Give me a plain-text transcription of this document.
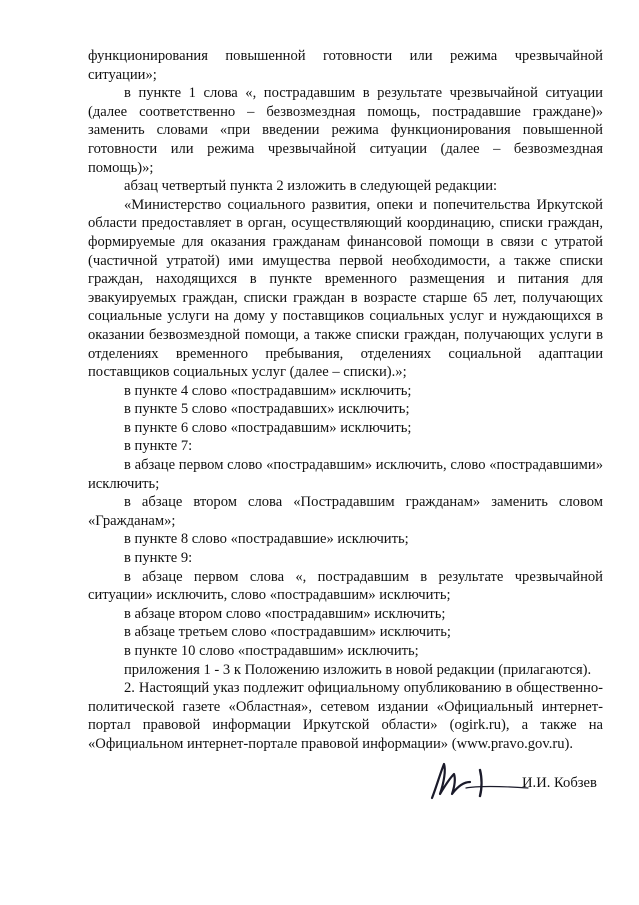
функционирования повышенной готовности или режима чрезвычайной ситуации»;

в пункте 1 слова «, пострадавшим в результате чрезвычайной ситуации (далее соответственно – безвозмездная помощь, пострадавшие граждане)» заменить словами «при введении режима функционирования повышенной готовности или режима чрезвычайной ситуации (далее – безвозмездная помощь)»;

абзац четвертый пункта 2 изложить в следующей редакции:

«Министерство социального развития, опеки и попечительства Иркутской области предоставляет в орган, осуществляющий координацию, списки граждан, формируемые для оказания гражданам финансовой помощи в связи с утратой (частичной утратой) ими имущества первой необходимости, а также списки граждан, находящихся в пункте временного размещения и питания для эвакуируемых граждан, списки граждан в возрасте старше 65 лет, получающих социальные услуги на дому у поставщиков социальных услуг и нуждающихся в оказании безвозмездной помощи, а также списки граждан, получающих услуги в отделениях временного пребывания, отделениях социальной адаптации поставщиков социальных услуг (далее – списки).»;

в пункте 4 слово «пострадавшим» исключить;

в пункте 5 слово «пострадавших» исключить;

в пункте 6 слово «пострадавшим» исключить;

в пункте 7:

в абзаце первом слово «пострадавшим» исключить, слово «пострадавшими» исключить;

в абзаце втором слова «Пострадавшим гражданам» заменить словом «Гражданам»;

в пункте 8 слово «пострадавшие» исключить;

в пункте 9:

в абзаце первом слова «, пострадавшим в результате чрезвычайной ситуации» исключить, слово «пострадавшим» исключить;

в абзаце втором слово «пострадавшим» исключить;

в абзаце третьем слово «пострадавшим» исключить;

в пункте 10 слово «пострадавшим» исключить;

приложения 1 - 3 к Положению изложить в новой редакции (прилагаются).

2. Настоящий указ подлежит официальному опубликованию в общественно-политической газете «Областная», сетевом издании «Официальный интернет-портал правовой информации Иркутской области» (ogirk.ru), а также на «Официальном интернет-портале правовой информации» (www.pravo.gov.ru).

И.И. Кобзев
